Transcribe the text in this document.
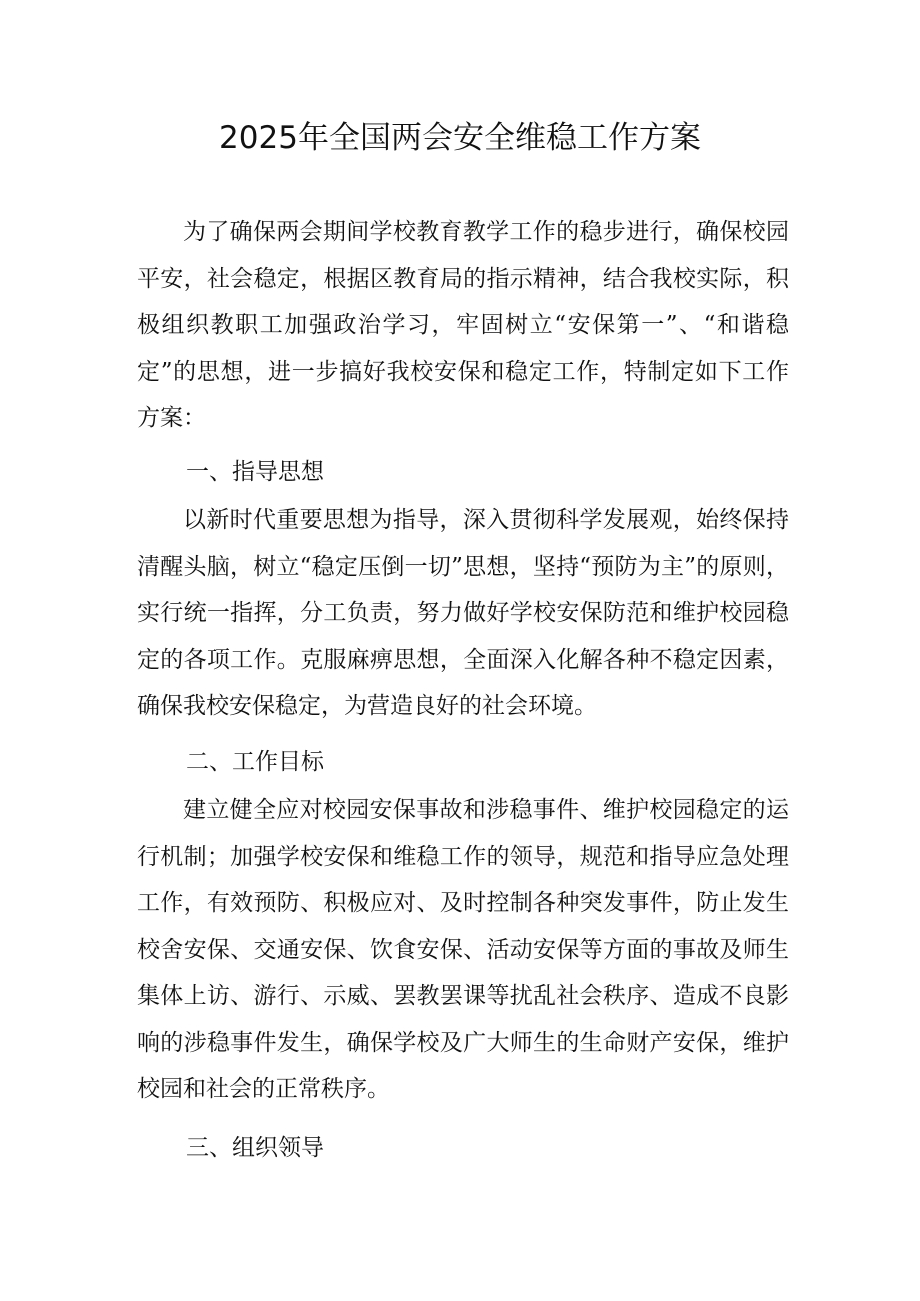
2025年全国两会安全维稳工作方案

为了确保两会期间学校教育教学工作的稳步进行，确保校园平安，社会稳定，根据区教育局的指示精神，结合我校实际，积极组织教职工加强政治学习，牢固树立“安保第一”、“和谐稳定”的思想，进一步搞好我校安保和稳定工作，特制定如下工作方案：

一、指导思想

以新时代重要思想为指导，深入贯彻科学发展观，始终保持清醒头脑，树立“稳定压倒一切”思想，坚持“预防为主”的原则，实行统一指挥，分工负责，努力做好学校安保防范和维护校园稳定的各项工作。克服麻痹思想，全面深入化解各种不稳定因素，确保我校安保稳定，为营造良好的社会环境。

二、工作目标

建立健全应对校园安保事故和涉稳事件、维护校园稳定的运行机制；加强学校安保和维稳工作的领导，规范和指导应急处理工作，有效预防、积极应对、及时控制各种突发事件，防止发生校舍安保、交通安保、饮食安保、活动安保等方面的事故及师生集体上访、游行、示威、罢教罢课等扰乱社会秩序、造成不良影响的涉稳事件发生，确保学校及广大师生的生命财产安保，维护校园和社会的正常秩序。

三、组织领导
